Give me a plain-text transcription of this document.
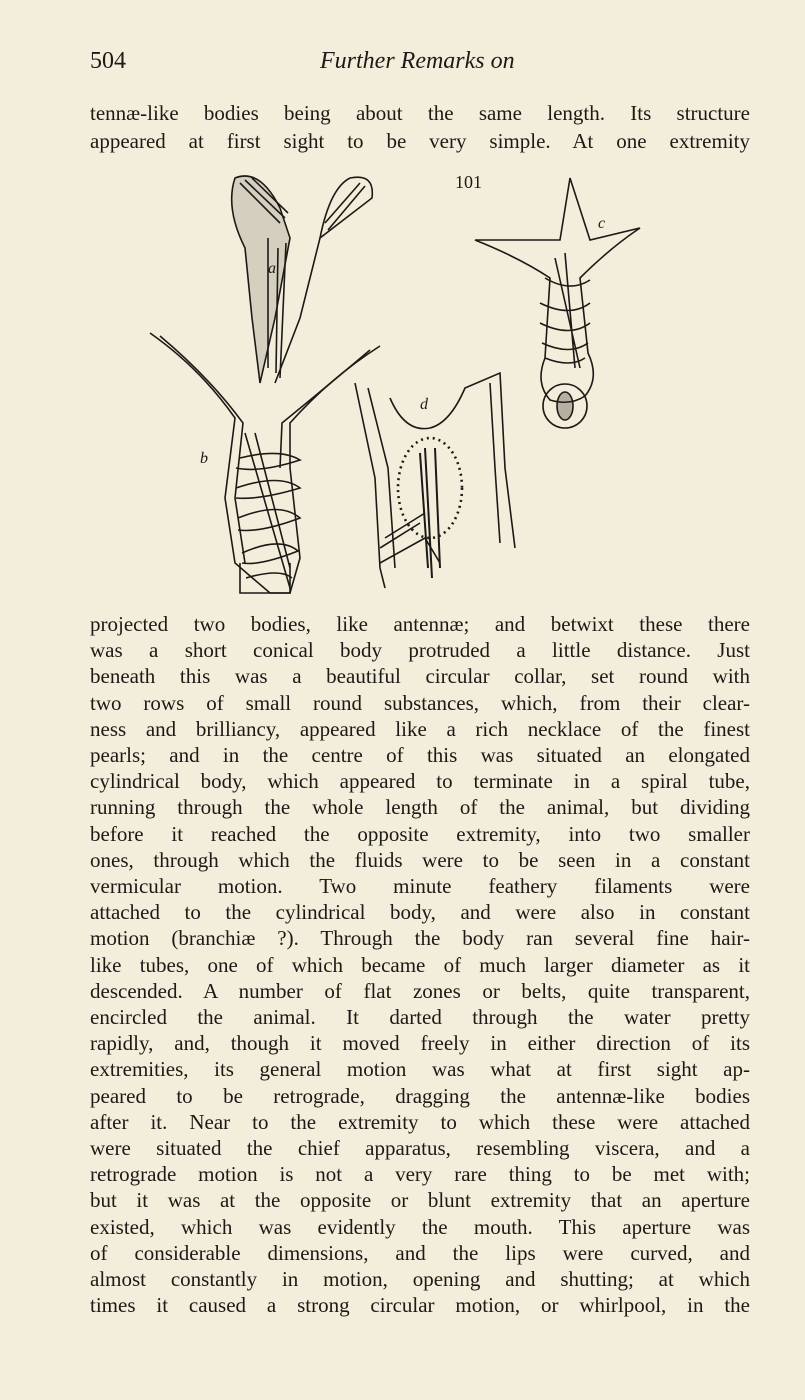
504	Further Remarks on
tennæ-like bodies being about the same length. Its structure
appeared at first sight to be very simple. At one extremity
101
a
b
c
d
projected two bodies, like antennæ; and betwixt these there
was a short conical body protruded a little distance. Just
beneath this was a beautiful circular collar, set round with
two rows of small round substances, which, from their clear-
ness and brilliancy, appeared like a rich necklace of the finest
pearls; and in the centre of this was situated an elongated
cylindrical body, which appeared to terminate in a spiral tube,
running through the whole length of the animal, but dividing
before it reached the opposite extremity, into two smaller
ones, through which the fluids were to be seen in a constant
vermicular motion. Two minute feathery filaments were
attached to the cylindrical body, and were also in constant
motion (branchiæ ?). Through the body ran several fine hair-
like tubes, one of which became of much larger diameter as it
descended. A number of flat zones or belts, quite transparent,
encircled the animal. It darted through the water pretty
rapidly, and, though it moved freely in either direction of its
extremities, its general motion was what at first sight ap-
peared to be retrograde, dragging the antennæ-like bodies
after it. Near to the extremity to which these were attached
were situated the chief apparatus, resembling viscera, and a
retrograde motion is not a very rare thing to be met with;
but it was at the opposite or blunt extremity that an aperture
existed, which was evidently the mouth. This aperture was
of considerable dimensions, and the lips were curved, and
almost constantly in motion, opening and shutting; at which
times it caused a strong circular motion, or whirlpool, in the
